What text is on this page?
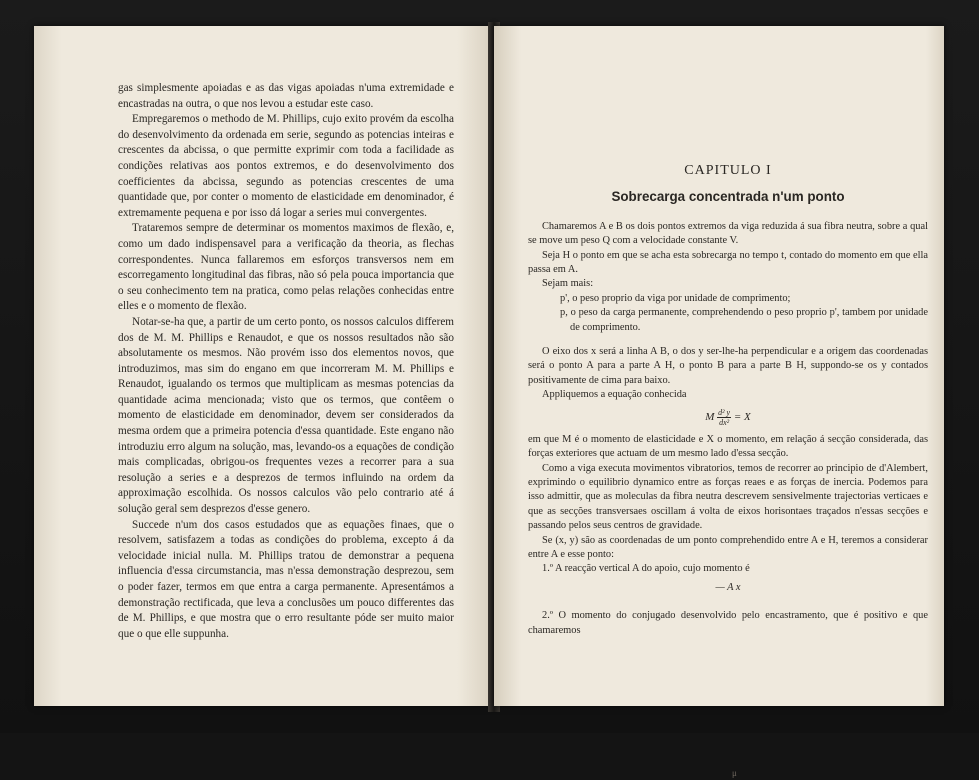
gas simplesmente apoiadas e as das vigas apoiadas n'uma extremidade e encastradas na outra, o que nos levou a estudar este caso.

Empregaremos o methodo de M. Phillips, cujo exito provém da escolha do desenvolvimento da ordenada em serie, segundo as potencias inteiras e crescentes da abcissa, o que permitte exprimir com toda a facilidade as condições relativas aos pontos extremos, e do desenvolvimento dos coefficientes da abcissa, segundo as potencias crescentes de uma quantidade que, por conter o momento de elasticidade em denominador, é extremamente pequena e por isso dá logar a series mui convergentes.

Trataremos sempre de determinar os momentos maximos de flexão, e, como um dado indispensavel para a verificação da theoria, as flechas correspondentes. Nunca fallaremos em esforços transversos nem em escorregamento longitudinal das fibras, não só pela pouca importancia que o seu conhecimento tem na pratica, como pelas relações conhecidas entre elles e o momento de flexão.

Notar-se-ha que, a partir de um certo ponto, os nossos calculos differem dos de M. M. Phillips e Renaudot, e que os nossos resultados não são absolutamente os mesmos. Não provém isso dos elementos novos, que introduzimos, mas sim do engano em que incorreram M. M. Phillips e Renaudot, igualando os termos que multiplicam as mesmas potencias da quantidade acima mencionada; visto que os termos, que contêem o momento de elasticidade em denominador, devem ser considerados da mesma ordem que a primeira potencia d'essa quantidade. Este engano não introduziu erro algum na solução, mas, levando-os a equações de condição mais complicadas, obrigou-os frequentes vezes a recorrer para a sua resolução a series e a desprezos de termos influindo na ordem da approximação escolhida. Os nossos calculos vão pelo contrario até á solução geral sem desprezos d'esse genero.

Succede n'um dos casos estudados que as equações finaes, que o resolvem, satisfazem a todas as condições do problema, excepto á da velocidade inicial nulla. M. Phillips tratou de demonstrar a pequena influencia d'essa circumstancia, mas n'essa demonstração desprezou, sem o poder fazer, termos em que entra a carga permanente. Apresentámos a demonstração rectificada, que leva a conclusões um pouco differentes das de M. Phillips, e que mostra que o erro resultante póde ser muito maior que o que elle suppunha.

CAPITULO I
Sobrecarga concentrada n'um ponto

Chamaremos A e B os dois pontos extremos da viga reduzida á sua fibra neutra, sobre a qual se move um peso Q com a velocidade constante V.

Seja H o ponto em que se acha esta sobrecarga no tempo t, contado do momento em que ella passa em A.

Sejam mais:

p', o peso proprio da viga por unidade de comprimento;

p, o peso da carga permanente, comprehendendo o peso proprio p', tambem por unidade de comprimento.

O eixo dos x será a linha A B, o dos y ser-lhe-ha perpendicular e a origem das coordenadas será o ponto A para a parte A H, o ponto B para a parte B H, suppondo-se os y contados positivamente de cima para baixo.

Appliquemos a equação conhecida

M $\frac{\text{d² y}}{\text{dx²}} = X$

em que M é o momento de elasticidade e X o momento, em relação á secção considerada, das forças exteriores que actuam de um mesmo lado d'essa secção.

Como a viga executa movimentos vibratorios, temos de recorrer ao principio de d'Alembert, exprimindo o equilibrio dynamico entre as forças reaes e as forças de inercia. Podemos para isso admittir, que as moleculas da fibra neutra descrevem sensivelmente trajectorias verticaes e que as secções transversaes oscillam á volta de eixos horisontaes traçados n'essas secções e passando pelos seus centros de gravidade.

Se (x, y) são as coordenadas de um ponto comprehendido entre A e H, teremos a considerar entre A e esse ponto:

1.º A reacção vertical A do apoio, cujo momento é

— A x

2.º O momento do conjugado desenvolvido pelo encastramento, que é positivo e que chamaremos

μ
